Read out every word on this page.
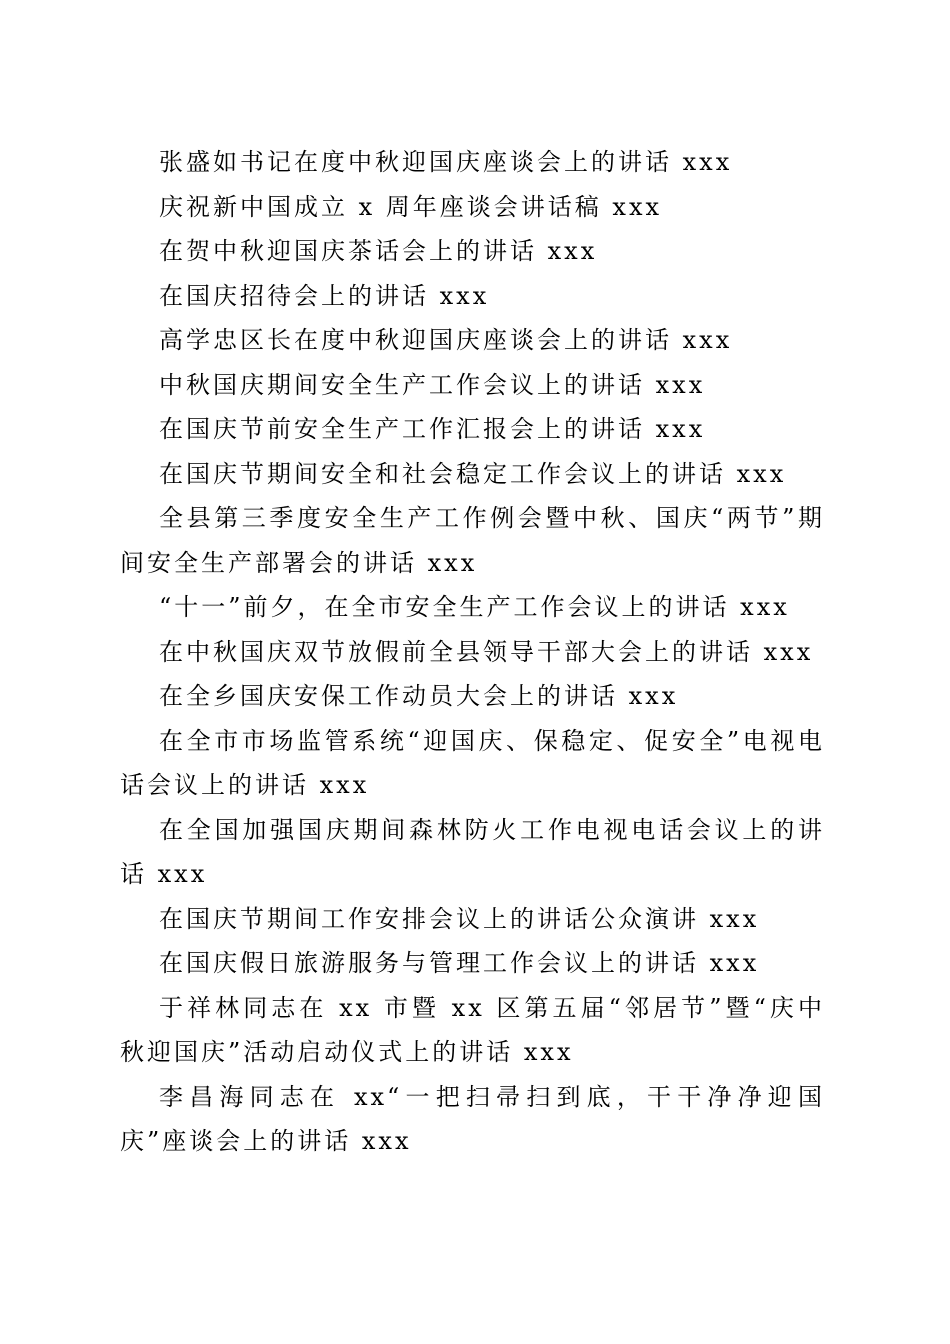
张盛如书记在度中秋迎国庆座谈会上的讲话 xxx

庆祝新中国成立 x 周年座谈会讲话稿 xxx

在贺中秋迎国庆茶话会上的讲话 xxx

在国庆招待会上的讲话 xxx

高学忠区长在度中秋迎国庆座谈会上的讲话 xxx

中秋国庆期间安全生产工作会议上的讲话 xxx

在国庆节前安全生产工作汇报会上的讲话 xxx

在国庆节期间安全和社会稳定工作会议上的讲话 xxx

全县第三季度安全生产工作例会暨中秋、国庆“两节”期间安全生产部署会的讲话 xxx

“十一”前夕，在全市安全生产工作会议上的讲话 xxx

在中秋国庆双节放假前全县领导干部大会上的讲话 xxx

在全乡国庆安保工作动员大会上的讲话 xxx

在全市市场监管系统“迎国庆、保稳定、促安全”电视电话会议上的讲话 xxx

在全国加强国庆期间森林防火工作电视电话会议上的讲话 xxx

在国庆节期间工作安排会议上的讲话公众演讲 xxx

在国庆假日旅游服务与管理工作会议上的讲话 xxx

于祥林同志在 xx 市暨 xx 区第五届“邻居节”暨“庆中秋迎国庆”活动启动仪式上的讲话 xxx

李昌海同志在 xx“一把扫帚扫到底，干干净净迎国庆”座谈会上的讲话 xxx
